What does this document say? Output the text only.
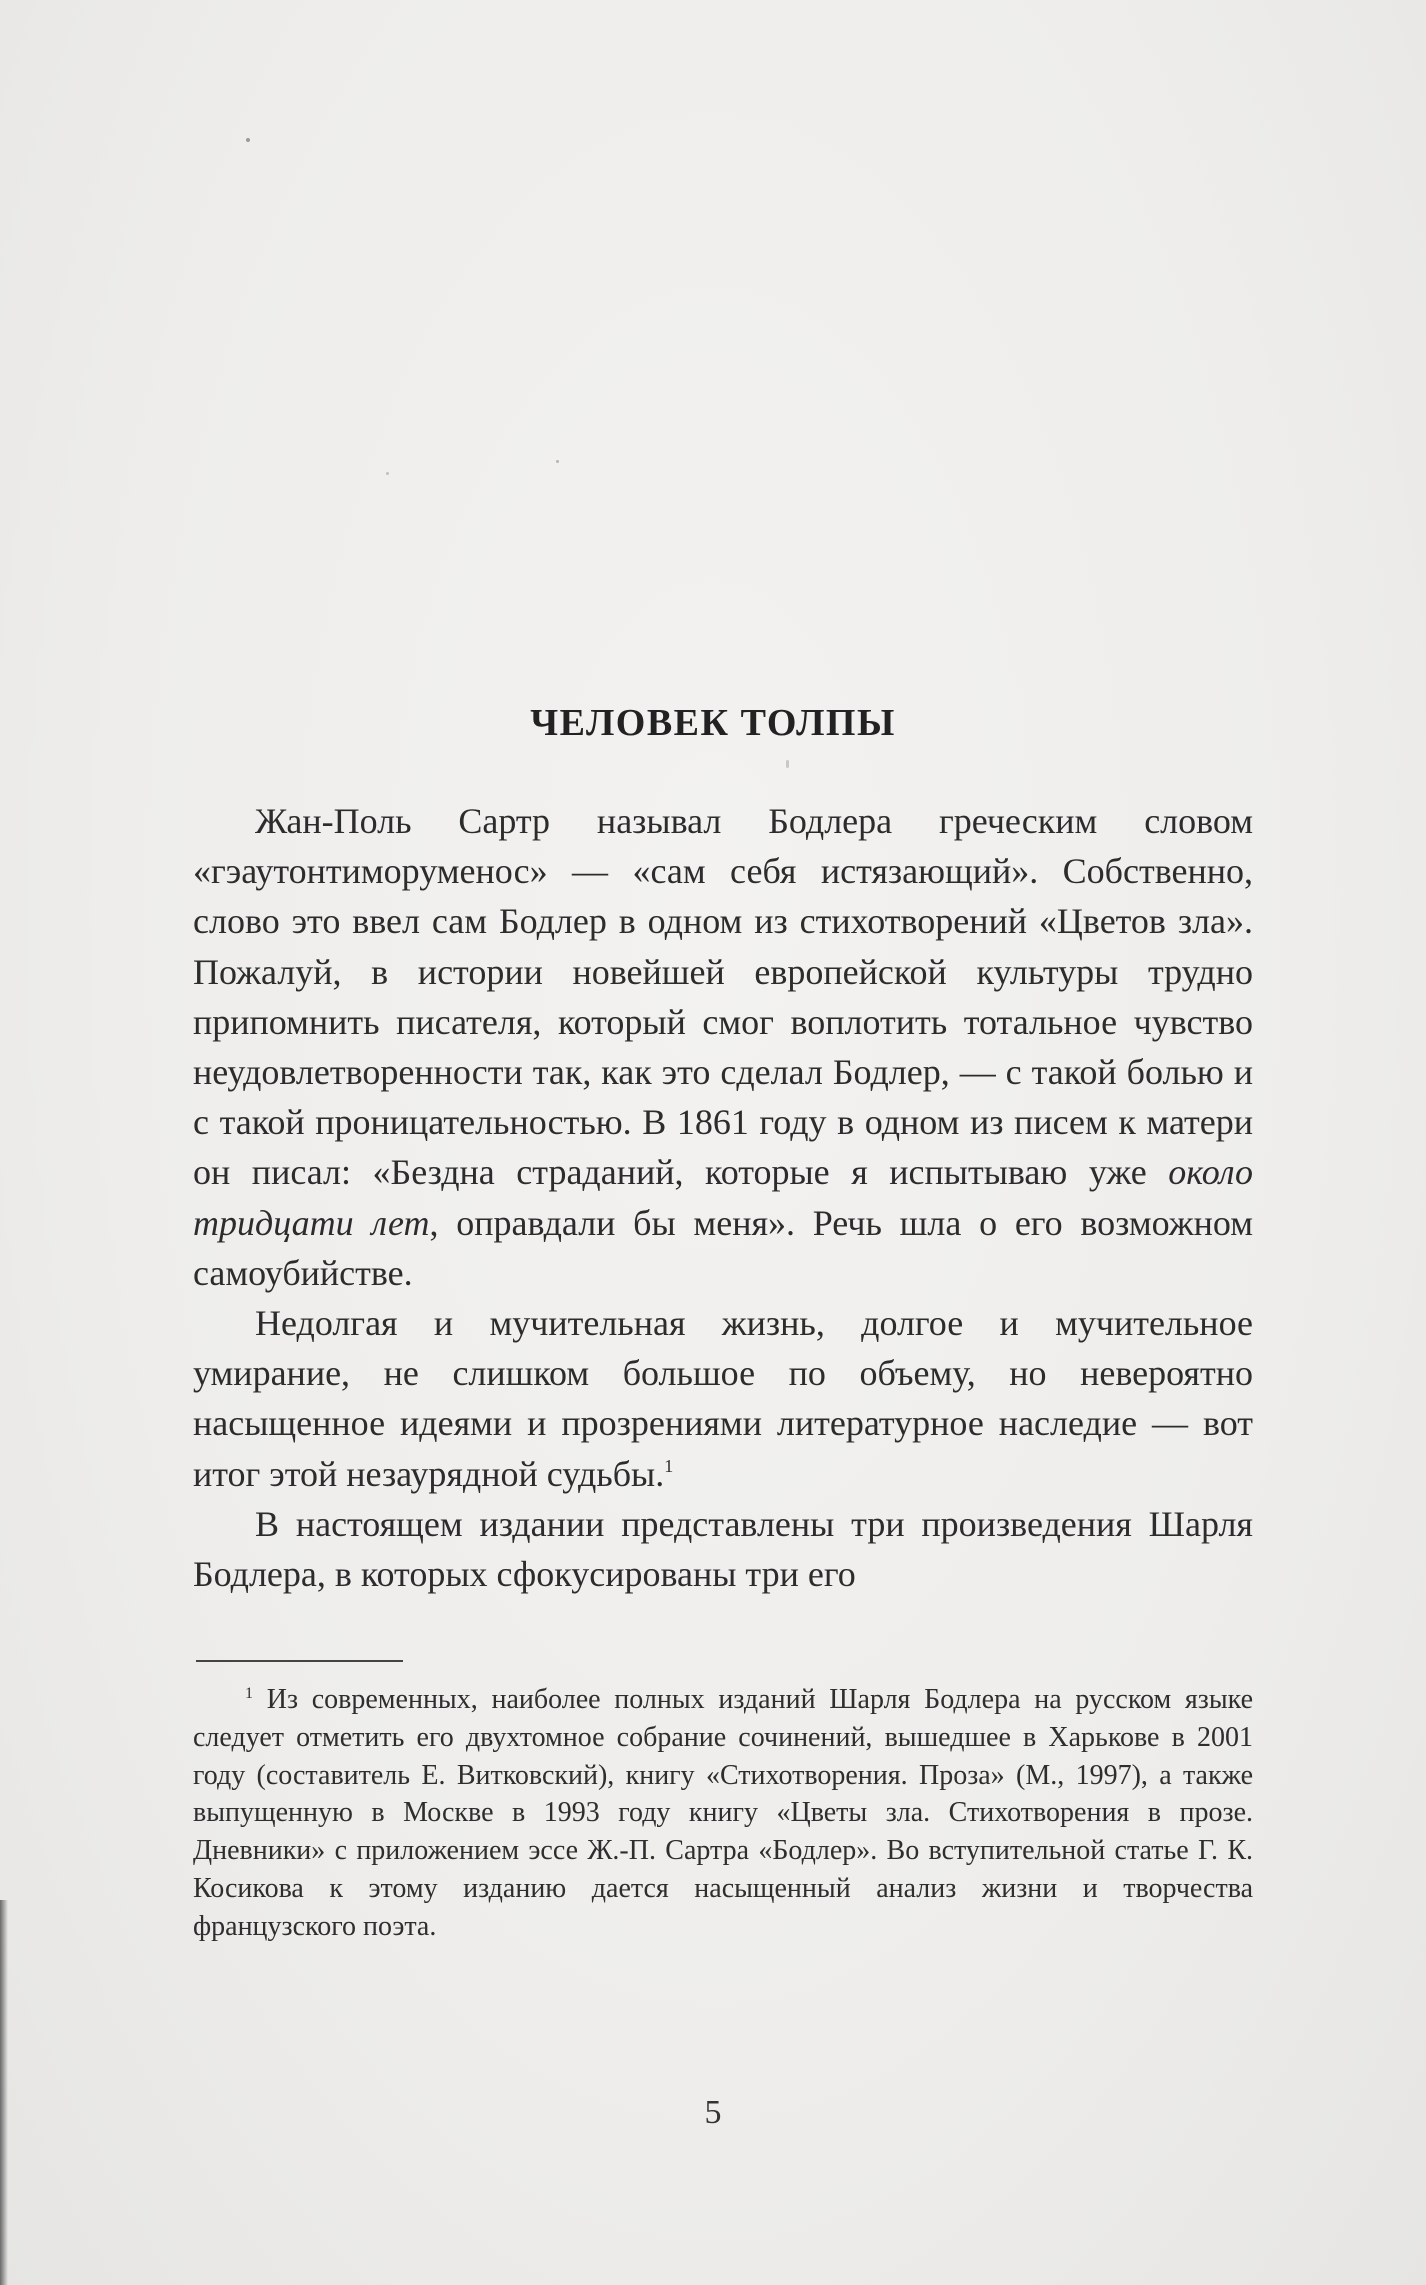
ЧЕЛОВЕК ТОЛПЫ

Жан-Поль Сартр называл Бодлера греческим словом «гэаутонтиморуменос» — «сам себя истязающий». Собственно, слово это ввел сам Бодлер в одном из стихотворений «Цветов зла». Пожалуй, в истории новейшей европейской культуры трудно припомнить писателя, который смог воплотить тотальное чувство неудовлетворенности так, как это сделал Бодлер, — с такой болью и с такой проницательностью. В 1861 году в одном из писем к матери он писал: «Бездна страданий, которые я испытываю уже около тридцати лет, оправдали бы меня». Речь шла о его возможном самоубийстве.

Недолгая и мучительная жизнь, долгое и мучительное умирание, не слишком большое по объему, но невероятно насыщенное идеями и прозрениями литературное наследие — вот итог этой незаурядной судьбы.$^1$

В настоящем издании представлены три произведения Шарля Бодлера, в которых сфокусированы три его

$^1$ Из современных, наиболее полных изданий Шарля Бодлера на русском языке следует отметить его двухтомное собрание сочинений, вышедшее в Харькове в 2001 году (составитель Е. Витковский), книгу «Стихотворения. Проза» (М., 1997), а также выпущенную в Москве в 1993 году книгу «Цветы зла. Стихотворения в прозе. Дневники» с приложением эссе Ж.-П. Сартра «Бодлер». Во вступительной статье Г. К. Косикова к этому изданию дается насыщенный анализ жизни и творчества французского поэта.

5
